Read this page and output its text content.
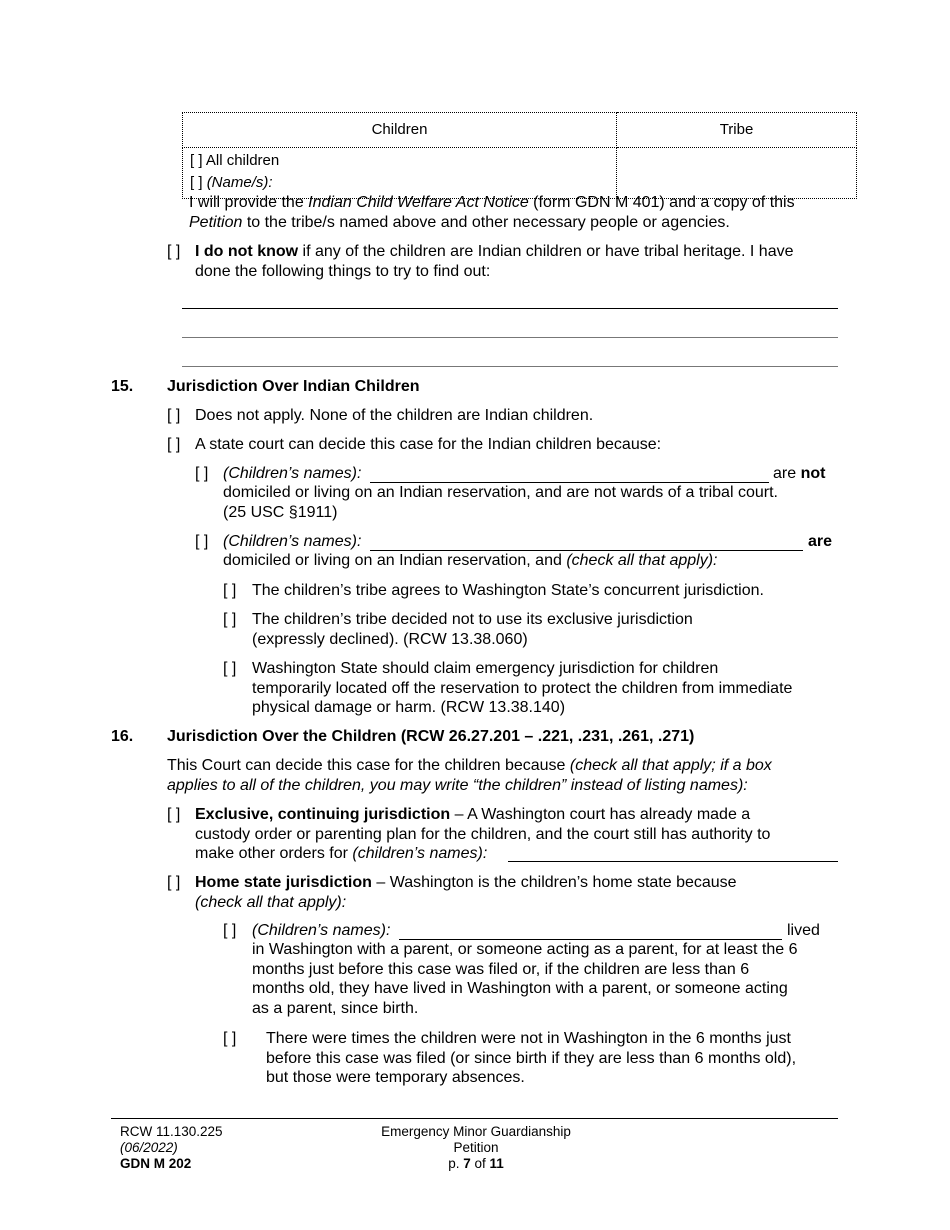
Children	Tribe

[ ] All children
[ ] (Name/s):	

I will provide the Indian Child Welfare Act Notice (form GDN M 401) and a copy of this
Petition to the tribe/s named above and other necessary people or agencies.
[ ] I do not know if any of the children are Indian children or have tribal heritage. I have
done the following things to try to find out:
15. Jurisdiction Over Indian Children
[ ] Does not apply. None of the children are Indian children.
[ ] A state court can decide this case for the Indian children because:
[ ] (Children’s names):	are not
domiciled or living on an Indian reservation, and are not wards of a tribal court.
(25 USC §1911)
[ ] (Children’s names):	are
domiciled or living on an Indian reservation, and (check all that apply):
[ ] The children’s tribe agrees to Washington State’s concurrent jurisdiction.
[ ] The children’s tribe decided not to use its exclusive jurisdiction
(expressly declined). (RCW 13.38.060)
[ ] Washington State should claim emergency jurisdiction for children
temporarily located off the reservation to protect the children from immediate
physical damage or harm. (RCW 13.38.140)
16. Jurisdiction Over the Children (RCW 26.27.201 – .221, .231, .261, .271)
This Court can decide this case for the children because (check all that apply; if a box
applies to all of the children, you may write “the children” instead of listing names):
[ ] Exclusive, continuing jurisdiction – A Washington court has already made a
custody order or parenting plan for the children, and the court still has authority to
make other orders for (children’s names):
[ ] Home state jurisdiction – Washington is the children’s home state because
(check all that apply):
[ ] (Children’s names):	lived
in Washington with a parent, or someone acting as a parent, for at least the 6
months just before this case was filed or, if the children are less than 6
months old, they have lived in Washington with a parent, or someone acting
as a parent, since birth.
[ ] There were times the children were not in Washington in the 6 months just
before this case was filed (or since birth if they are less than 6 months old),
but those were temporary absences.
RCW 11.130.225
(06/2022)
GDN M 202
Emergency Minor Guardianship
Petition
p. 7 of 11
